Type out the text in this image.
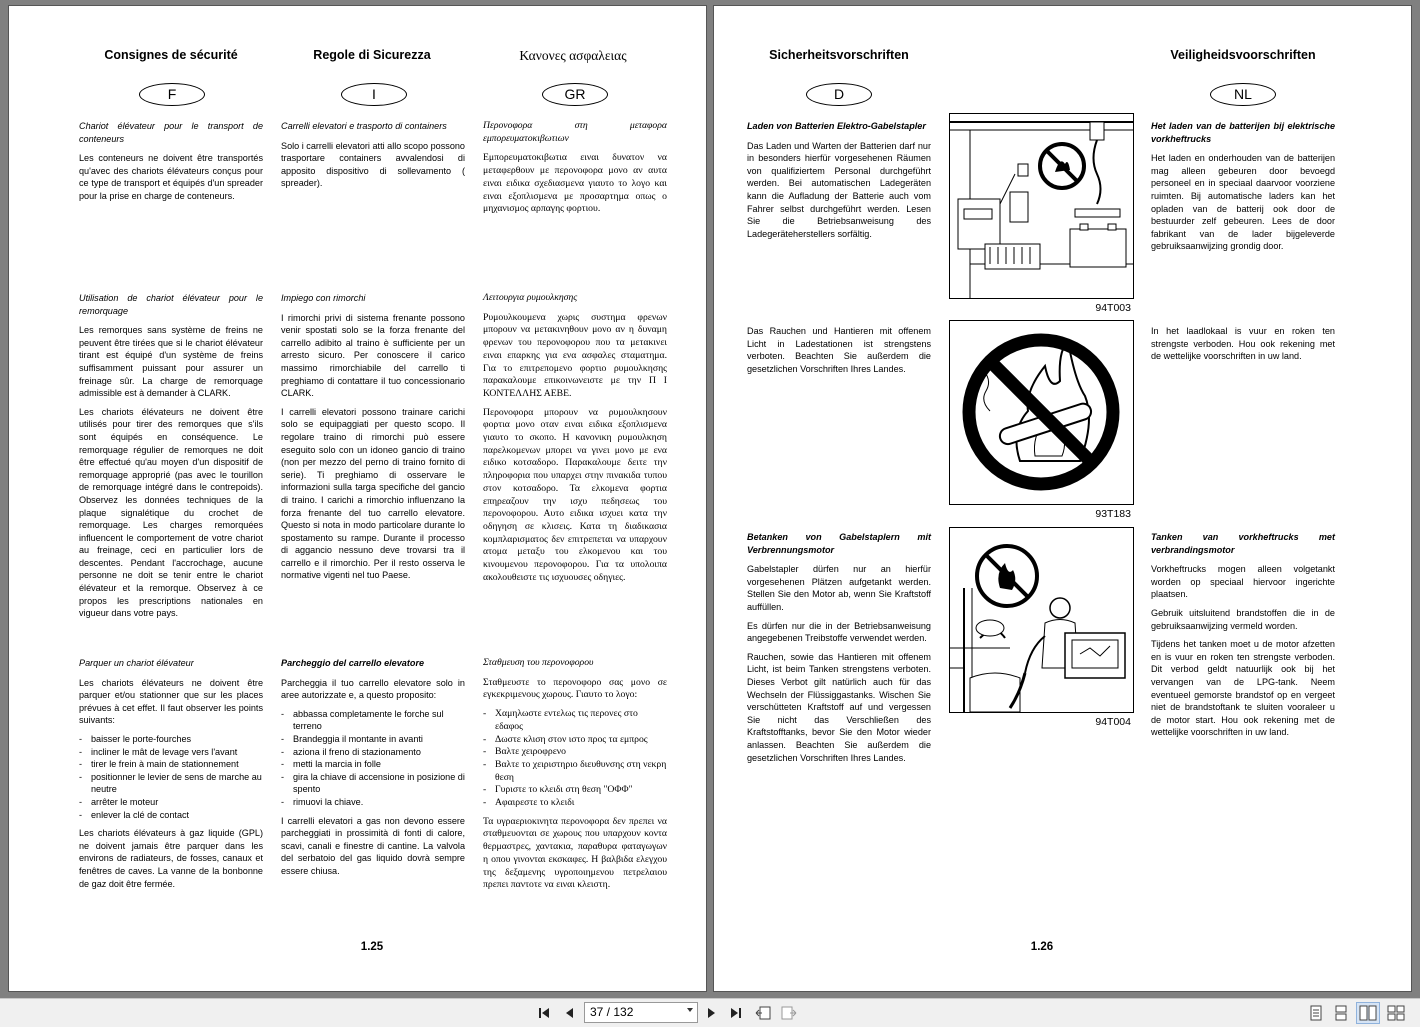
Consignes de sécurité	Regole di Sicurezza	Κανονες ασφαλειας
F	I	GR
Chariot élévateur pour le transport de conteneurs

Les conteneurs ne doivent être transportés qu'avec des chariots élévateurs conçus pour ce type de transport et équipés d'un spreader pour la prise en charge de conteneurs.

Utilisation de chariot élévateur pour le remorquage

Les remorques sans système de freins ne peuvent être tirées que si le chariot élévateur tirant est équipé d'un système de freins suffisamment puissant pour assurer un freinage sûr. La charge de remorquage admissible est à demander à CLARK.

Les chariots élévateurs ne doivent être utilisés pour tirer des remorques que s'ils sont équipés en conséquence. Le remorquage régulier de remorques ne doit être effectué qu'au moyen d'un dispositif de remorquage approprié (pas avec le tourillon de remorquage intégré dans le contrepoids). Observez les données techniques de la plaque signalétique du crochet de remorquage. Les charges remorquées influencent le comportement de votre chariot au freinage, ceci en particulier lors de descentes. Pendant l'accrochage, aucune personne ne doit se tenir entre le chariot élévateur et la remorque. Observez à ce propos les prescriptions nationales en vigueur dans votre pays.

Parquer un chariot élévateur

Les chariots élévateurs ne doivent être parquer et/ou stationner que sur les places prévues à cet effet. Il faut observer les points suivants:

- baisser le porte-fourches
- incliner le mât de levage vers l'avant
- tirer le frein à main de stationnement
- positionner le levier de sens de marche au neutre
- arrêter le moteur
- enlever la clé de contact

Les chariots élévateurs à gaz liquide (GPL) ne doivent jamais être parquer dans les environs de radiateurs, de fosses, canaux et fenêtres de caves. La vanne de la bonbonne de gaz doit être fermée.

Carrelli elevatori e trasporto di containers

Solo i carrelli elevatori atti allo scopo possono trasportare containers avvalendosi di apposito dispositivo di sollevamento ( spreader).

Impiego con rimorchi

I rimorchi privi di sistema frenante possono venir spostati solo se la forza frenante del carrello adibito al traino è sufficiente per un arresto sicuro. Per conoscere il carico massimo rimorchiabile del carrello ti preghiamo di contattare il tuo concessionario CLARK.

I carrelli elevatori possono trainare carichi solo se equipaggiati per questo scopo. Il regolare traino di rimorchi può essere eseguito solo con un idoneo gancio di traino (non per mezzo del perno di traino fornito di serie). Ti preghiamo di osservare le informazioni sulla targa specifiche del gancio di traino. I carichi a rimorchio influenzano la forza frenante del tuo carrello elevatore. Questo si nota in modo particolare durante lo spostamento su rampe. Durante il processo di aggancio nessuno deve trovarsi tra il carrello e il rimorchio. Per il resto osserva le normative vigenti nel tuo Paese.

Parcheggio del carrello elevatore

Parcheggia il tuo carrello elevatore solo in aree autorizzate e, a questo proposito:

- abbassa completamente le forche sul terreno
- Brandeggia il montante in avanti
- aziona il freno di stazionamento
- metti la marcia in folle
- gira la chiave di accensione in posizione di spento
- rimuovi la chiave.

I carrelli elevatori a gas non devono essere parcheggiati in prossimità di fonti di calore, scavi, canali e finestre di cantine. La valvola del serbatoio del gas liquido dovrà sempre essere chiusa.

Περονοφορα στη μεταφορα εμπορευματοκιβωτιων

Εμπορευματοκιβωτια ειναι δυνατον να μεταφερθουν με περονοφορα μονο αν αυτα ειναι ειδικα σχεδιασμενα γιαυτο το λογο και ειναι εξοπλισμενα με προσαρτημα οπως ο μηχανισμος αρπαγης φορτιου.

Λειτουργια ρυμουλκησης

Ρυμουλκουμενα χωρις συστημα φρενων μπορουν να μετακινηθουν μονο αν η δυναμη φρενων του περονοφορου που τα μετακινει ειναι επαρκης για ενα ασφαλες σταματημα. Για το επιτρεπομενο φορτιο ρυμουλκησης παρακαλουμε επικοινωνειστε με την Π Ι ΚΟΝΤΕΛΛΗΣ ΑΕΒΕ.

Περονοφορα μπορουν να ρυμουλκησουν φορτια μονο οταν ειναι ειδικα εξοπλισμενα γιαυτο το σκοπο. Η κανονικη ρυμουλκηση παρελκομενων μπορει να γινει μονο με ενα ειδικο κοτσαδορο. Παρακαλουμε δειτε την πληροφορια που υπαρχει στην πινακιδα τυπου στον κοτσαδορο. Τα ελκομενα φορτια επηρεαζουν την ισχυ πεδησεως του περονοφορου. Αυτο ειδικα ισχυει κατα την οδηγηση σε κλισεις. Κατα τη διαδικασια κομπλαρισματος δεν επιτρεπεται να υπαρχουν ατομα μεταξυ του ελκομενου και του κινουμενου περονοφορου. Για τα υπολοιπα ακολουθειστε τις ισχυουσες οδηγιες.

Σταθμευση του περονοφορου

Σταθμευστε το περονοφορο σας μονο σε εγκεκριμενους χωρους. Γιαυτο το λογο:

- Χαμηλωστε εντελως τις περονες στο εδαφος
- Δωστε κλιση στον ιστο προς τα εμπρος
- Βαλτε χειροφρενο
- Βαλτε το χειριστηριο διευθυνσης στη νεκρη θεση
- Γυριστε το κλειδι στη θεση "ΟΦΦ"
- Αφαιρεστε το κλειδι

Τα υγραεριοκινητα περονοφορα δεν πρεπει να σταθμευονται σε χωρους που υπαρχουν κοντα θερμαστρες, χαντακια, παραθυρα φαταγωγων η οπου γινονται εκσκαφες. Η βαλβιδα ελεγχου της δεξαμενης υγροποιημενου πετρελαιου πρεπει παντοτε να ειναι κλειστη.

1.25
Sicherheitsvorschriften	Veiligheidsvoorschriften
D	NL
Laden von Batterien Elektro-Gabelstapler

Das Laden und Warten der Batterien darf nur in besonders hierfür vorgesehenen Räumen von qualifiziertem Personal durchgeführt werden. Bei automatischen Ladegeräten kann die Aufladung der Batterie auch vom Fahrer selbst durchgeführt werden. Lesen Sie die Betriebsanweisung des Ladegeräteherstellers sorfältig.

Das Rauchen und Hantieren mit offenem Licht in Ladestationen ist strengstens verboten. Beachten Sie außerdem die gesetzlichen Vorschriften Ihres Landes.

Betanken von Gabelstaplern mit Verbrennungsmotor

Gabelstapler dürfen nur an hierfür vorgesehenen Plätzen aufgetankt werden. Stellen Sie den Motor ab, wenn Sie Kraftstoff auffüllen.

Es dürfen nur die in der Betriebsanweisung angegebenen Treibstoffe verwendet werden.

Rauchen, sowie das Hantieren mit offenem Licht, ist beim Tanken strengstens verboten. Dieses Verbot gilt natürlich auch für das Wechseln der Flüssiggastanks. Wischen Sie verschütteten Kraftstoff auf und vergessen Sie nicht das Verschließen des Kraftstofftanks, bevor Sie den Motor wieder anlassen. Beachten Sie außerdem die gesetzlichen Vorschriften Ihres Landes.

94T003
93T183
94T004
Het laden van de batterijen bij elektrische vorkheftrucks

Het laden en onderhouden van de batterijen mag alleen gebeuren door bevoegd personeel en in speciaal daarvoor voorziene ruimten. Bij automatische laders kan het opladen van de batterij ook door de bestuurder zelf gebeuren. Lees de door fabrikant van de lader bijgeleverde gebruiksaanwijzing grondig door.

In het laadlokaal is vuur en roken ten strengste verboden. Hou ook rekening met de wettelijke voorschriften in uw land.

Tanken van vorkheftrucks met verbrandingsmotor

Vorkheftrucks mogen alleen volgetankt worden op speciaal hiervoor ingerichte plaatsen.

Gebruik uitsluitend brandstoffen die in de gebruiksaanwijzing vermeld worden.

Tijdens het tanken moet u de motor afzetten en is vuur en roken ten strengste verboden. Dit verbod geldt natuurlijk ook bij het vervangen van de LPG-tank. Neem eventueel gemorste brandstof op en vergeet niet de brandstoftank te sluiten vooraleer u de motor start. Hou ook rekening met de wettelijke voorschriften in uw land.

1.26
37 / 132
